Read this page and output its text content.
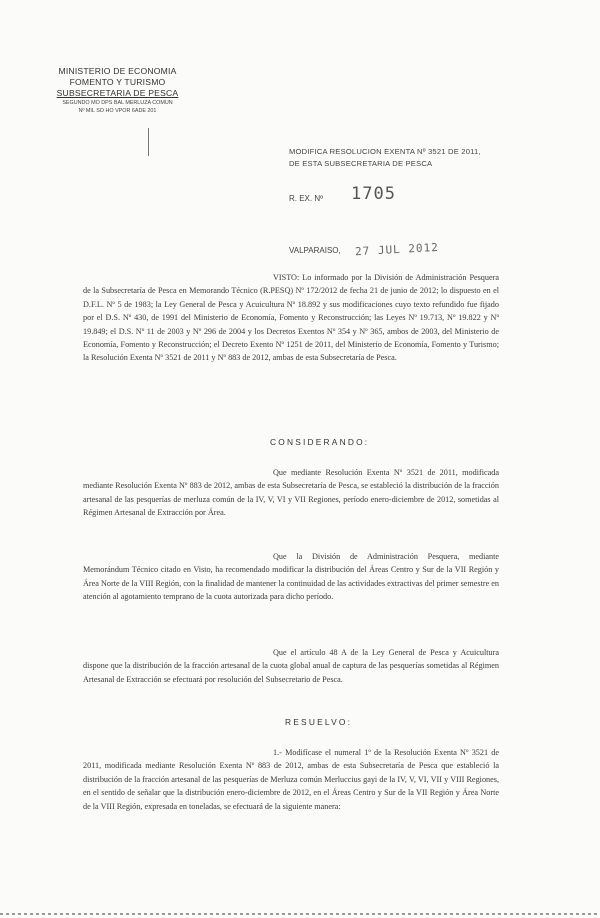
MINISTERIO DE ECONOMIA
FOMENTO Y TURISMO
SUBSECRETARIA DE PESCA
SEGUNDO MO DPS BAL MERLUZA COMUN
Nº MIL SO HO VPOR 6ADE 201
MODIFICA RESOLUCION EXENTA Nº 3521 DE 2011,
DE ESTA SUBSECRETARIA DE PESCA
R. EX. Nº 1705
VALPARAISO, 27 JUL 2012
VISTO: Lo informado por la División de Administración Pesquera de la Subsecretaría de Pesca en Memorando Técnico (R.PESQ) Nº 172/2012 de fecha 21 de junio de 2012; lo dispuesto en el D.F.L. Nº 5 de 1983; la Ley General de Pesca y Acuicultura Nº 18.892 y sus modificaciones cuyo texto refundido fue fijado por el D.S. Nº 430, de 1991 del Ministerio de Economía, Fomento y Reconstrucción; las Leyes Nº 19.713, Nº 19.822 y Nº 19.849; el D.S. Nº 11 de 2003 y Nº 296 de 2004 y los Decretos Exentos Nº 354 y Nº 365, ambos de 2003, del Ministerio de Economía, Fomento y Reconstrucción; el Decreto Exento Nº 1251 de 2011, del Ministerio de Economía, Fomento y Turismo; la Resolución Exenta Nº 3521 de 2011 y Nº 883 de 2012, ambas de esta Subsecretaría de Pesca.
CONSIDERANDO:
Que mediante Resolución Exenta Nº 3521 de 2011, modificada mediante Resolución Exenta Nº 883 de 2012, ambas de esta Subsecretaría de Pesca, se estableció la distribución de la fracción artesanal de las pesquerías de merluza común de la IV, V, VI y VII Regiones, período enero-diciembre de 2012, sometidas al Régimen Artesanal de Extracción por Área.
Que la División de Administración Pesquera, mediante Memorándum Técnico citado en Visto, ha recomendado modificar la distribución del Áreas Centro y Sur de la VII Región y Área Norte de la VIII Región, con la finalidad de mantener la continuidad de las actividades extractivas del primer semestre en atención al agotamiento temprano de la cuota autorizada para dicho período.
Que el artículo 48 A de la Ley General de Pesca y Acuicultura dispone que la distribución de la fracción artesanal de la cuota global anual de captura de las pesquerías sometidas al Régimen Artesanal de Extracción se efectuará por resolución del Subsecretario de Pesca.
RESUELVO:
1.- Modifícase el numeral 1º de la Resolución Exenta Nº 3521 de 2011, modificada mediante Resolución Exenta Nº 883 de 2012, ambas de esta Subsecretaría de Pesca que estableció la distribución de la fracción artesanal de las pesquerías de Merluza común Merluccius gayi de la IV, V, VI, VII y VIII Regiones, en el sentido de señalar que la distribución enero-diciembre de 2012, en el Áreas Centro y Sur de la VII Región y Área Norte de la VIII Región, expresada en toneladas, se efectuará de la siguiente manera:
